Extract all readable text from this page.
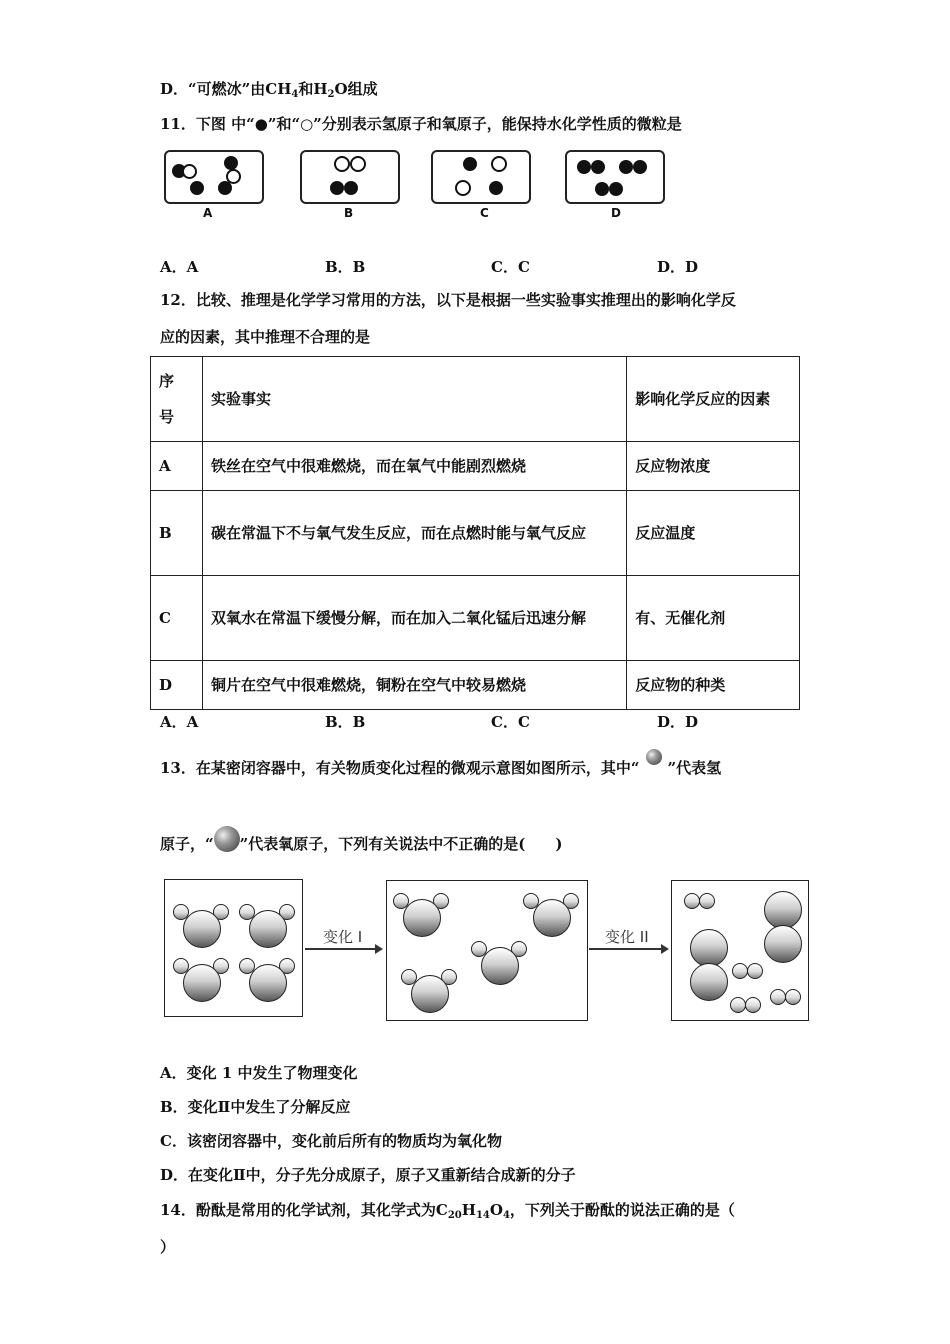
D．“可燃冰”由$CH_4$和$H_2O$组成
11．下图 中“●”和“○”分别表示氢原子和氧原子，能保持水化学性质的微粒是
A	B	C	D
A．A	B．B	C．C	D．D
12．比较、推理是化学学习常用的方法，以下是根据一些实验事实推理出的影响化学反
应的因素，其中推理不合理的是
序
号	实验事实	影响化学反应的因素
A	铁丝在空气中很难燃烧，而在氧气中能剧烈燃烧	反应物浓度
B	碳在常温下不与氧气发生反应，而在点燃时能与氧气反应	反应温度
C	双氧水在常温下缓慢分解，而在加入二氧化锰后迅速分解	有、无催化剂
D	铜片在空气中很难燃烧，铜粉在空气中较易燃烧	反应物的种类
A．A	B．B	C．C	D．D
13．在某密闭容器中，有关物质变化过程的微观示意图如图所示，其中“ ”代表氢
原子，“ ”代表氧原子，下列有关说法中不正确的是(　　)
变化 I	变化 II
A．变化 1 中发生了物理变化
B．变化Ⅱ中发生了分解反应
C．该密闭容器中，变化前后所有的物质均为氧化物
D．在变化Ⅱ中，分子先分成原子，原子又重新结合成新的分子
14．酚酞是常用的化学试剂，其化学式为$C_{20}H_{14}O_4$，下列关于酚酞的说法正确的是（
）
